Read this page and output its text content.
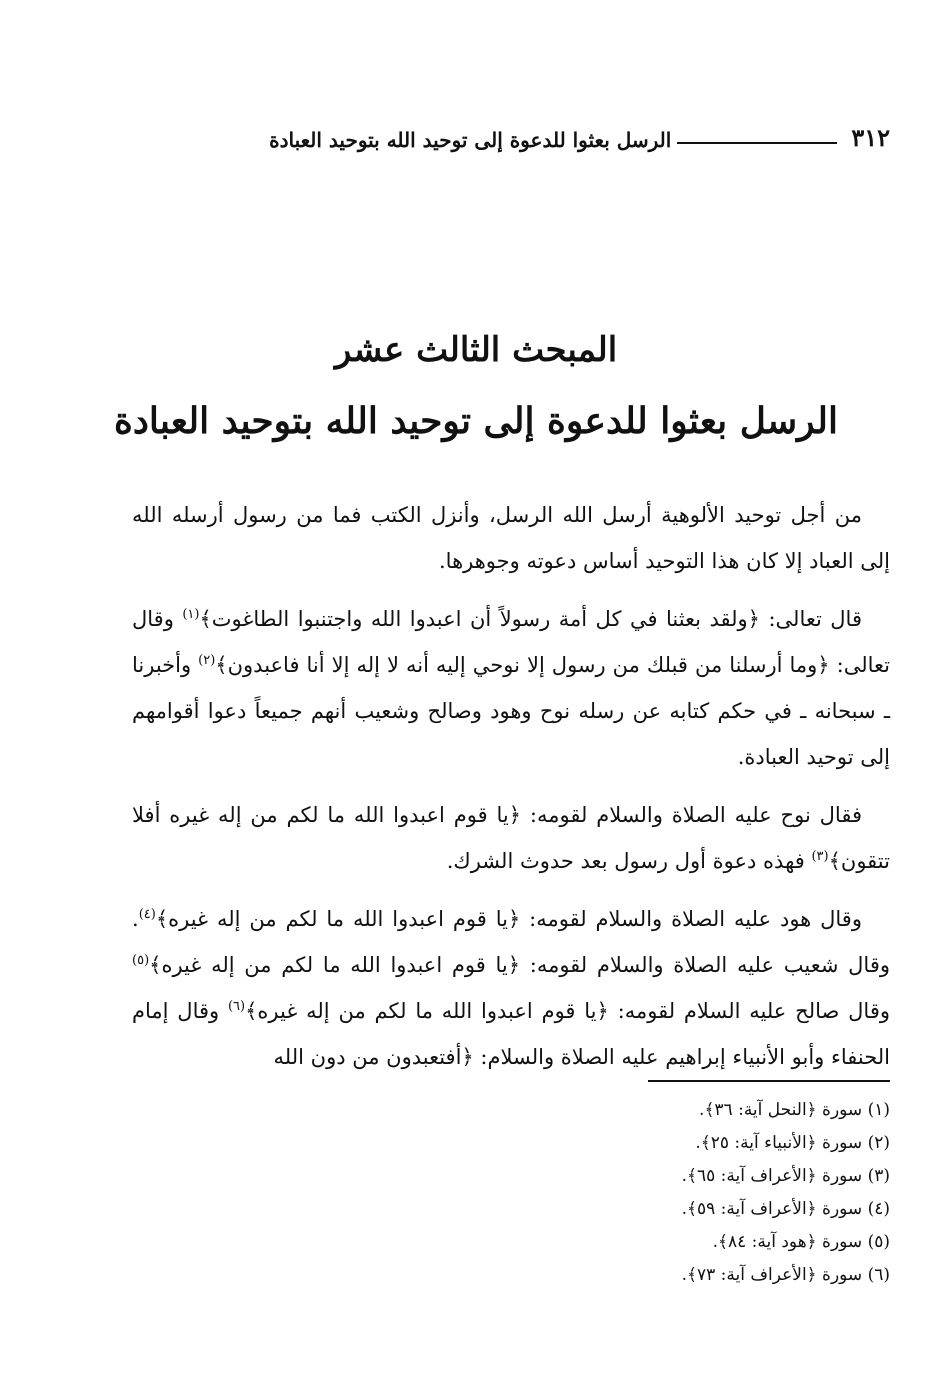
٣١٢
الرسل بعثوا للدعوة إلى توحيد الله بتوحيد العبادة
المبحث الثالث عشر
الرسل بعثوا للدعوة إلى توحيد الله بتوحيد العبادة

من أجل توحيد الألوهية أرسل الله الرسل، وأنزل الكتب فما من رسول أرسله الله إلى العباد إلا كان هذا التوحيد أساس دعوته وجوهرها.

قال تعالى: ﴿ولقد بعثنا في كل أمة رسولاً أن اعبدوا الله واجتنبوا الطاغوت﴾$^{(١)}$ وقال تعالى: ﴿وما أرسلنا من قبلك من رسول إلا نوحي إليه أنه لا إله إلا أنا فاعبدون﴾$^{(٢)}$ وأخبرنا ـ سبحانه ـ في حكم كتابه عن رسله نوح وهود وصالح وشعيب أنهم جميعاً دعوا أقوامهم إلى توحيد العبادة.

فقال نوح عليه الصلاة والسلام لقومه: ﴿يا قوم اعبدوا الله ما لكم من إله غيره أفلا تتقون﴾$^{(٣)}$ فهذه دعوة أول رسول بعد حدوث الشرك.

وقال هود عليه الصلاة والسلام لقومه: ﴿يا قوم اعبدوا الله ما لكم من إله غيره﴾$^{(٤)}$. وقال شعيب عليه الصلاة والسلام لقومه: ﴿يا قوم اعبدوا الله ما لكم من إله غيره﴾$^{(٥)}$ وقال صالح عليه السلام لقومه: ﴿يا قوم اعبدوا الله ما لكم من إله غيره﴾$^{(٦)}$ وقال إمام الحنفاء وأبو الأنبياء إبراهيم عليه الصلاة والسلام: ﴿أفتعبدون من دون الله

(١) سورة ﴿النحل آية: ٣٦﴾.
(٢) سورة ﴿الأنبياء آية: ٢٥﴾.
(٣) سورة ﴿الأعراف آية: ٦٥﴾.
(٤) سورة ﴿الأعراف آية: ٥٩﴾.
(٥) سورة ﴿هود آية: ٨٤﴾.
(٦) سورة ﴿الأعراف آية: ٧٣﴾.
